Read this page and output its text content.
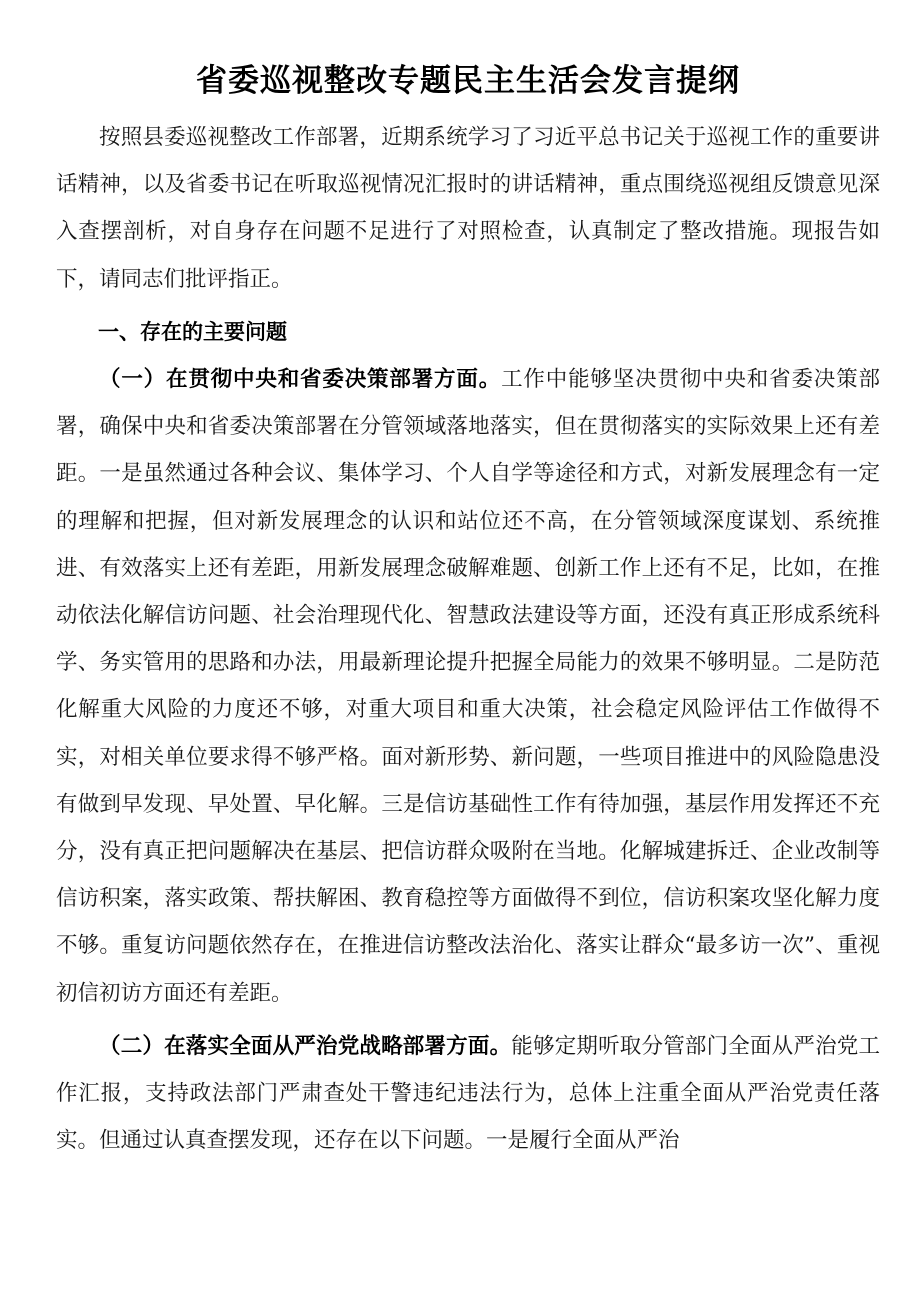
省委巡视整改专题民主生活会发言提纲

按照县委巡视整改工作部署，近期系统学习了习近平总书记关于巡视工作的重要讲话精神，以及省委书记在听取巡视情况汇报时的讲话精神，重点围绕巡视组反馈意见深入查摆剖析，对自身存在问题不足进行了对照检查，认真制定了整改措施。现报告如下，请同志们批评指正。

一、存在的主要问题

（一）在贯彻中央和省委决策部署方面。工作中能够坚决贯彻中央和省委决策部署，确保中央和省委决策部署在分管领域落地落实，但在贯彻落实的实际效果上还有差距。一是虽然通过各种会议、集体学习、个人自学等途径和方式，对新发展理念有一定的理解和把握，但对新发展理念的认识和站位还不高，在分管领域深度谋划、系统推进、有效落实上还有差距，用新发展理念破解难题、创新工作上还有不足，比如，在推动依法化解信访问题、社会治理现代化、智慧政法建设等方面，还没有真正形成系统科学、务实管用的思路和办法，用最新理论提升把握全局能力的效果不够明显。二是防范化解重大风险的力度还不够，对重大项目和重大决策，社会稳定风险评估工作做得不实，对相关单位要求得不够严格。面对新形势、新问题，一些项目推进中的风险隐患没有做到早发现、早处置、早化解。三是信访基础性工作有待加强，基层作用发挥还不充分，没有真正把问题解决在基层、把信访群众吸附在当地。化解城建拆迁、企业改制等信访积案，落实政策、帮扶解困、教育稳控等方面做得不到位，信访积案攻坚化解力度不够。重复访问题依然存在，在推进信访整改法治化、落实让群众“最多访一次”、重视初信初访方面还有差距。

（二）在落实全面从严治党战略部署方面。能够定期听取分管部门全面从严治党工作汇报，支持政法部门严肃查处干警违纪违法行为，总体上注重全面从严治党责任落实。但通过认真查摆发现，还存在以下问题。一是履行全面从严治
